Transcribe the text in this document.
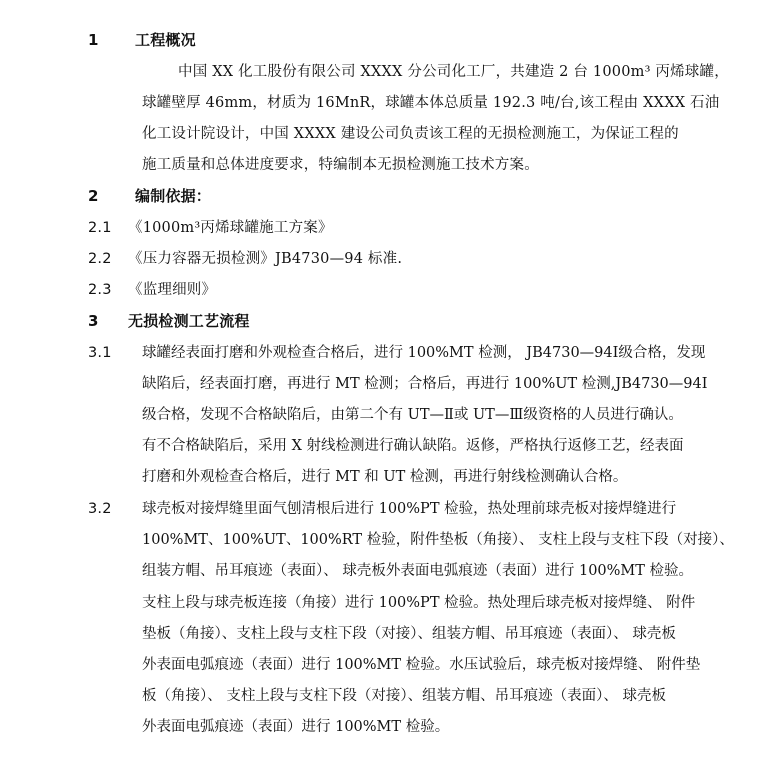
1 工程概况
中国 XX 化工股份有限公司 XXXX 分公司化工厂，共建造 2 台 1000m³ 丙烯球罐，
球罐壁厚 46mm，材质为 16MnR，球罐本体总质量 192.3 吨/台,该工程由 XXXX 石油
化工设计院设计，中国 XXXX 建设公司负责该工程的无损检测施工，为保证工程的
施工质量和总体进度要求，特编制本无损检测施工技术方案。
2 编制依据：
2.1 《1000m³丙烯球罐施工方案》
2.2 《压力容器无损检测》JB4730—94 标准.
2.3 《监理细则》
3 无损检测工艺流程
3.1 球罐经表面打磨和外观检查合格后，进行 100%MT 检测， JB4730—94Ⅰ级合格，发现
缺陷后，经表面打磨，再进行 MT 检测；合格后，再进行 100%UT 检测,JB4730—94Ⅰ
级合格，发现不合格缺陷后，由第二个有 UT—Ⅱ或 UT—Ⅲ级资格的人员进行确认。
有不合格缺陷后，采用 X 射线检测进行确认缺陷。返修，严格执行返修工艺，经表面
打磨和外观检查合格后，进行 MT 和 UT 检测，再进行射线检测确认合格。
3.2 球壳板对接焊缝里面气刨清根后进行 100%PT 检验，热处理前球壳板对接焊缝进行
100%MT、100%UT、100%RT 检验，附件垫板（角接）、 支柱上段与支柱下段（对接）、
组装方帽、吊耳痕迹（表面）、 球壳板外表面电弧痕迹（表面）进行 100%MT 检验。
支柱上段与球壳板连接（角接）进行 100%PT 检验。热处理后球壳板对接焊缝、 附件
垫板（角接）、支柱上段与支柱下段（对接）、组装方帽、吊耳痕迹（表面）、 球壳板
外表面电弧痕迹（表面）进行 100%MT 检验。水压试验后，球壳板对接焊缝、 附件垫
板（角接）、 支柱上段与支柱下段（对接）、组装方帽、吊耳痕迹（表面）、 球壳板
外表面电弧痕迹（表面）进行 100%MT 检验。
